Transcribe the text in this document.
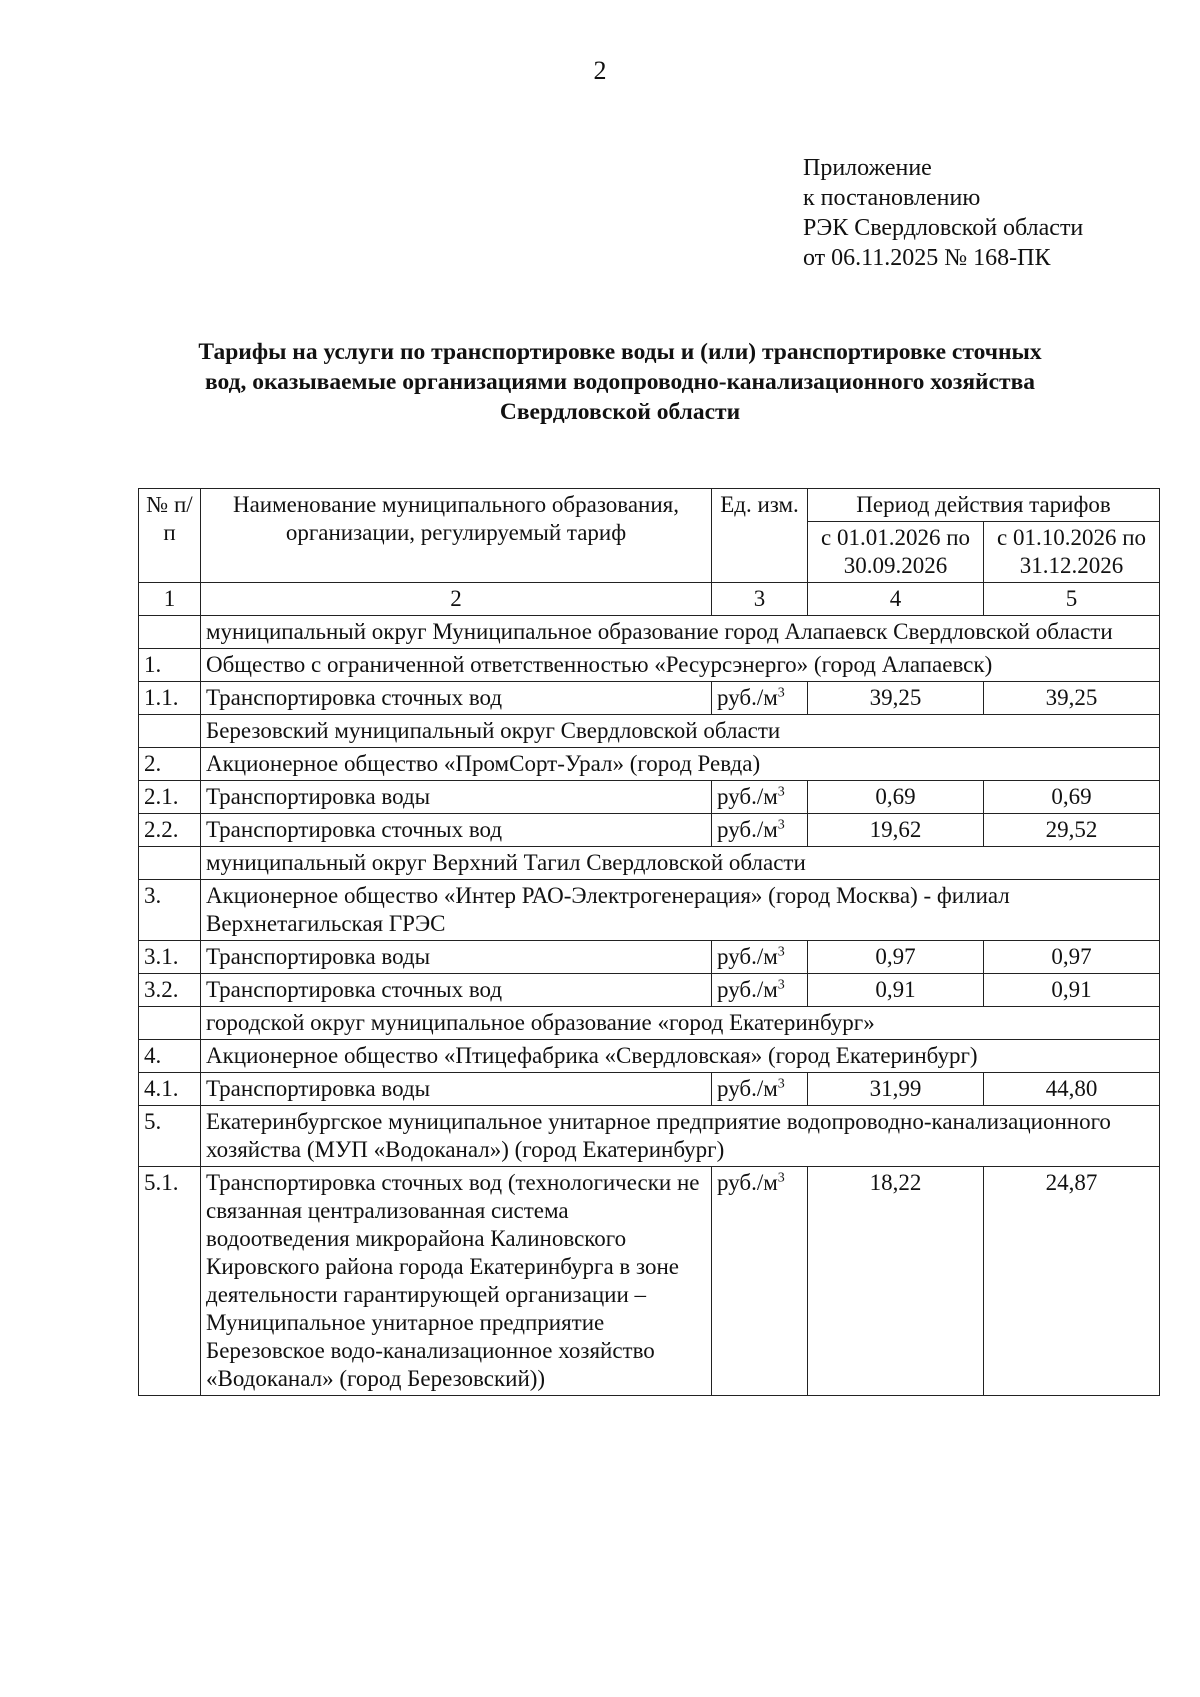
2
Приложение
к постановлению
РЭК Свердловской области
от 06.11.2025 № 168-ПК
Тарифы на услуги по транспортировке воды и (или) транспортировке сточных
вод, оказываемые организациями водопроводно-канализационного хозяйства
Свердловской области
№ п/п	Наименование муниципального образования, организации, регулируемый тариф	Ед. изм.	Период действия тарифов	
			с 01.01.2026 по 30.09.2026	с 01.10.2026 по 31.12.2026
1	2	3	4	5
	муниципальный округ Муниципальное образование город Алапаевск Свердловской области			
1.	Общество с ограниченной ответственностью «Ресурсэнерго» (город Алапаевск)			
1.1.	Транспортировка сточных вод	$руб./м^3$	39,25	39,25
	Березовский муниципальный округ Свердловской области			
2.	Акционерное общество «ПромСорт-Урал» (город Ревда)			
2.1.	Транспортировка воды	$руб./м^3$	0,69	0,69
2.2.	Транспортировка сточных вод	$руб./м^3$	19,62	29,52
	муниципальный округ Верхний Тагил Свердловской области			
3.	Акционерное общество «Интер РАО-Электрогенерация» (город Москва) - филиал Верхнетагильская ГРЭС			
3.1.	Транспортировка воды	$руб./м^3$	0,97	0,97
3.2.	Транспортировка сточных вод	$руб./м^3$	0,91	0,91
	городской округ муниципальное образование «город Екатеринбург»			
4.	Акционерное общество «Птицефабрика «Свердловская» (город Екатеринбург)			
4.1.	Транспортировка воды	$руб./м^3$	31,99	44,80
5.	Екатеринбургское муниципальное унитарное предприятие водопроводно-канализационного хозяйства (МУП «Водоканал») (город Екатеринбург)			
5.1.	Транспортировка сточных вод (технологически не связанная централизованная система водоотведения микрорайона Калиновского Кировского района города Екатеринбурга в зоне деятельности гарантирующей организации – Муниципальное унитарное предприятие Березовское водо-канализационное хозяйство «Водоканал» (город Березовский))	$руб./м^3$	18,22	24,87
